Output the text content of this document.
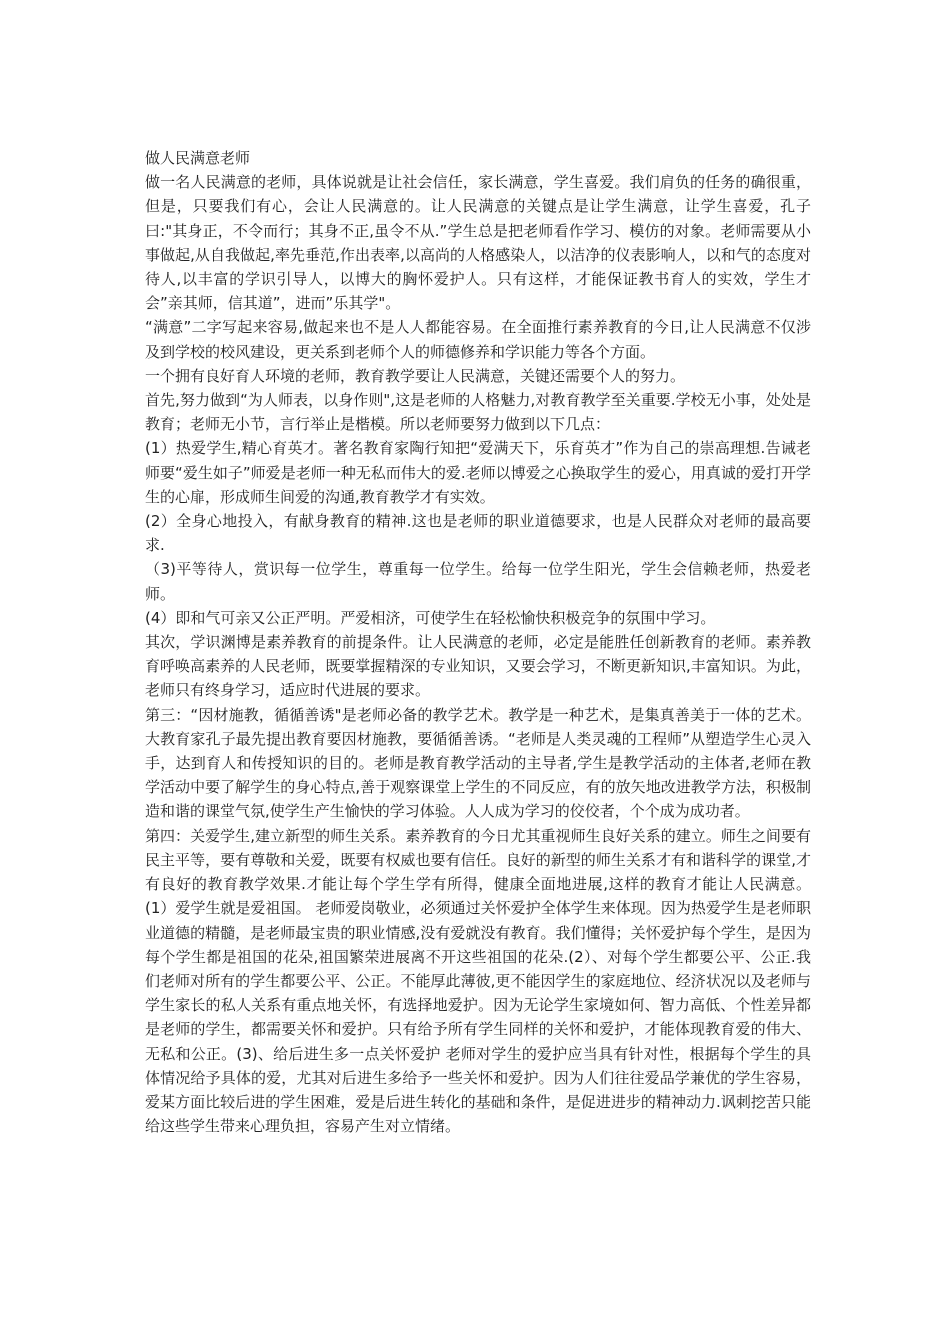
做人民满意老师

做一名人民满意的老师，具体说就是让社会信任，家长满意，学生喜爱。我们肩负的任务的确很重，但是，只要我们有心，会让人民满意的。让人民满意的关键点是让学生满意，让学生喜爱，孔子曰:"其身正，不令而行；其身不正,虽令不从.”学生总是把老师看作学习、模仿的对象。老师需要从小事做起,从自我做起,率先垂范,作出表率,以高尚的人格感染人，以洁净的仪表影响人，以和气的态度对待人,以丰富的学识引导人，以博大的胸怀爱护人。只有这样，才能保证教书育人的实效，学生才会”亲其师，信其道”，进而”乐其学"。

“满意”二字写起来容易,做起来也不是人人都能容易。在全面推行素养教育的今日,让人民满意不仅涉及到学校的校风建设，更关系到老师个人的师德修养和学识能力等各个方面。

一个拥有良好育人环境的老师，教育教学要让人民满意，关键还需要个人的努力。

首先,努力做到“为人师表，以身作则",这是老师的人格魅力,对教育教学至关重要.学校无小事，处处是教育；老师无小节，言行举止是楷模。所以老师要努力做到以下几点：

(1）热爱学生,精心育英才。著名教育家陶行知把“爱满天下，乐育英才”作为自己的崇高理想.告诫老师要“爱生如子”师爱是老师一种无私而伟大的爱.老师以博爱之心换取学生的爱心，用真诚的爱打开学生的心扉，形成师生间爱的沟通,教育教学才有实效。

(2）全身心地投入，有献身教育的精神.这也是老师的职业道德要求，也是人民群众对老师的最高要求.

（3)平等待人，赏识每一位学生，尊重每一位学生。给每一位学生阳光，学生会信赖老师，热爱老师。

(4）即和气可亲又公正严明。严爱相济，可使学生在轻松愉快积极竞争的氛围中学习。

其次，学识渊博是素养教育的前提条件。让人民满意的老师，必定是能胜任创新教育的老师。素养教育呼唤高素养的人民老师，既要掌握精深的专业知识，又要会学习，不断更新知识,丰富知识。为此，老师只有终身学习，适应时代进展的要求。

第三：“因材施教，循循善诱"是老师必备的教学艺术。教学是一种艺术，是集真善美于一体的艺术。大教育家孔子最先提出教育要因材施教，要循循善诱。“老师是人类灵魂的工程师”从塑造学生心灵入手，达到育人和传授知识的目的。老师是教育教学活动的主导者,学生是教学活动的主体者,老师在教学活动中要了解学生的身心特点,善于观察课堂上学生的不同反应，有的放矢地改进教学方法，积极制造和谐的课堂气氛,使学生产生愉快的学习体验。人人成为学习的佼佼者，个个成为成功者。

第四：关爱学生,建立新型的师生关系。素养教育的今日尤其重视师生良好关系的建立。师生之间要有民主平等，要有尊敬和关爱，既要有权威也要有信任。良好的新型的师生关系才有和谐科学的课堂,才有良好的教育教学效果.才能让每个学生学有所得，健康全面地进展,这样的教育才能让人民满意。 (1）爱学生就是爱祖国。 老师爱岗敬业，必须通过关怀爱护全体学生来体现。因为热爱学生是老师职业道德的精髓，是老师最宝贵的职业情感,没有爱就没有教育。我们懂得；关怀爱护每个学生，是因为每个学生都是祖国的花朵,祖国繁荣进展离不开这些祖国的花朵.(2）、对每个学生都要公平、公正.我们老师对所有的学生都要公平、公正。不能厚此薄彼,更不能因学生的家庭地位、经济状况以及老师与学生家长的私人关系有重点地关怀，有选择地爱护。因为无论学生家境如何、智力高低、个性差异都是老师的学生，都需要关怀和爱护。只有给予所有学生同样的关怀和爱护，才能体现教育爱的伟大、无私和公正。(3)、给后进生多一点关怀爱护 老师对学生的爱护应当具有针对性，根据每个学生的具体情况给予具体的爱，尤其对后进生多给予一些关怀和爱护。因为人们往往爱品学兼优的学生容易，爱某方面比较后进的学生困难，爱是后进生转化的基础和条件，是促进进步的精神动力.讽刺挖苦只能给这些学生带来心理负担，容易产生对立情绪。
